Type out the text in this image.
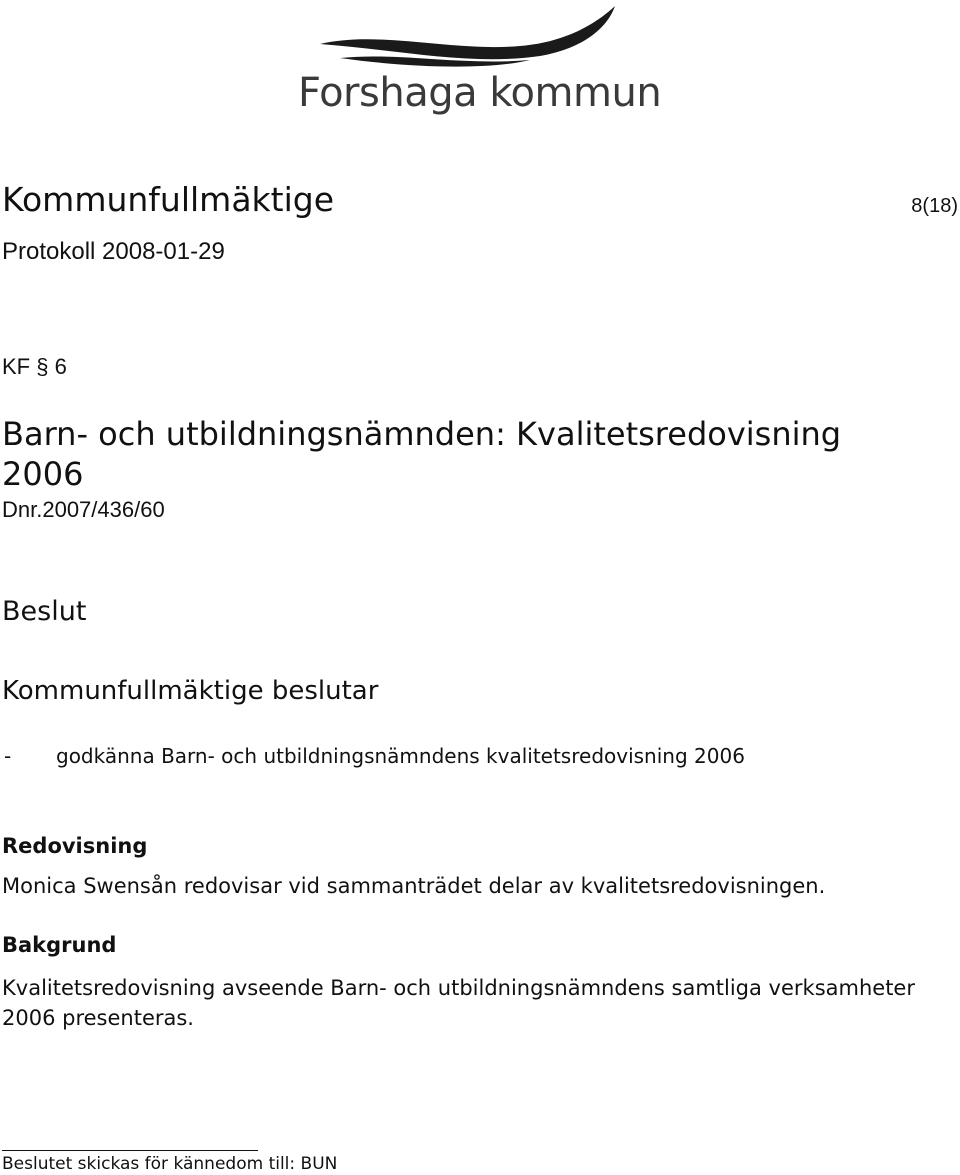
Forshaga kommun
Kommunfullmäktige	8(18)
Protokoll 2008-01-29
KF § 6
Barn- och utbildningsnämnden: Kvalitetsredovisning 2006
Dnr.2007/436/60
Beslut
Kommunfullmäktige beslutar
- godkänna Barn- och utbildningsnämndens kvalitetsredovisning 2006
Redovisning
Monica Swensån redovisar vid sammanträdet delar av kvalitetsredovisningen.
Bakgrund
Kvalitetsredovisning avseende Barn- och utbildningsnämndens samtliga verksamheter 2006 presenteras.
Beslutet skickas för kännedom till: BUN
